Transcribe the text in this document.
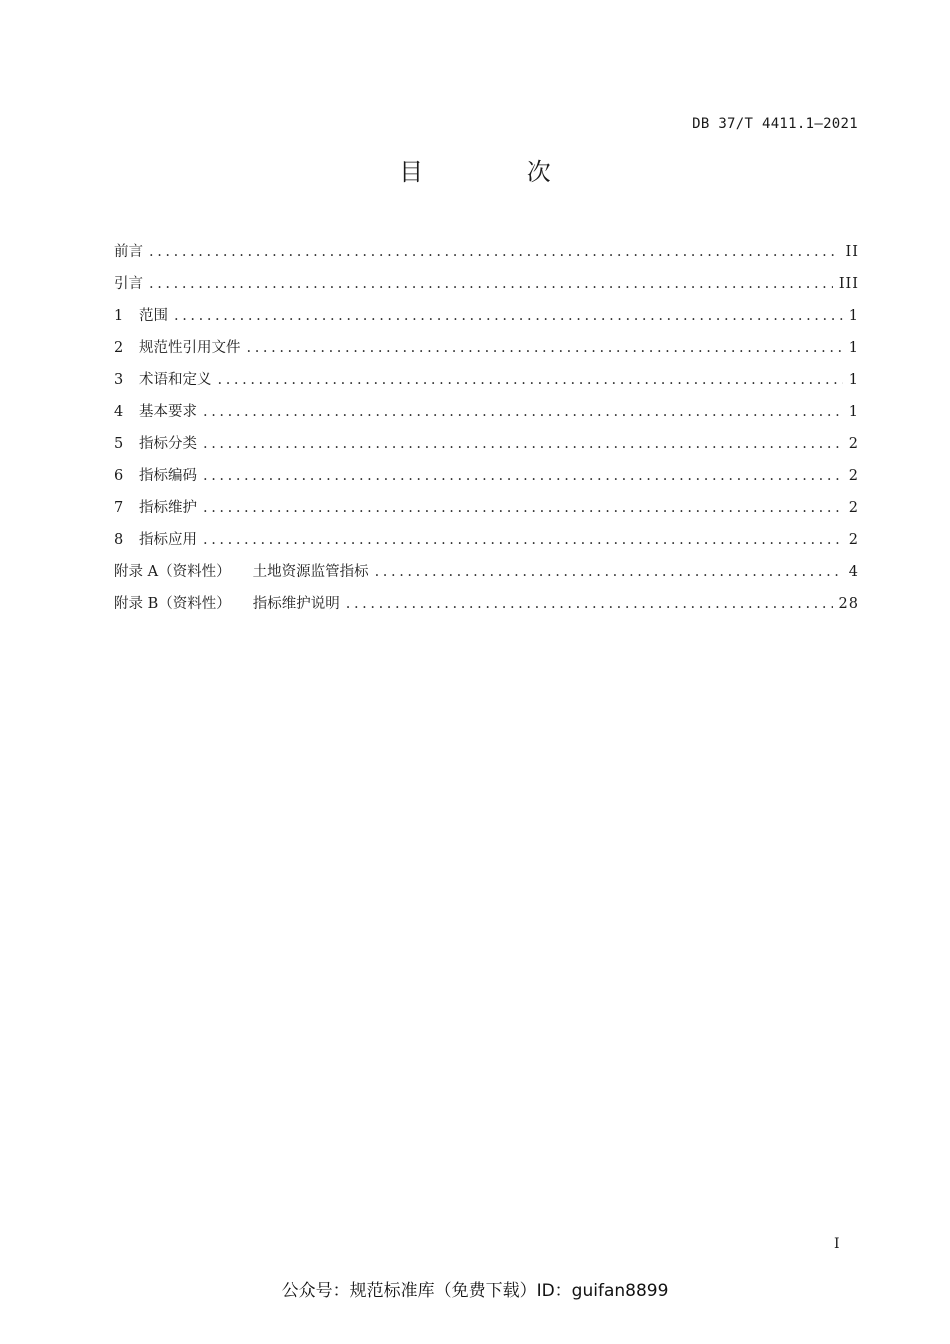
DB 37/T 4411.1—2021
目 次
前言 .....	II
引言 .....	III
1	范围 .....	1
2	规范性引用文件 .....	1
3	术语和定义 .....	1
4	基本要求 .....	1
5	指标分类 .....	2
6	指标编码 .....	2
7	指标维护 .....	2
8	指标应用 .....	2
附录 A（资料性） 土地资源监管指标 .....	4
附录 B（资料性） 指标维护说明 .....	28
I
公众号：规范标准库（免费下载）ID：guifan8899
